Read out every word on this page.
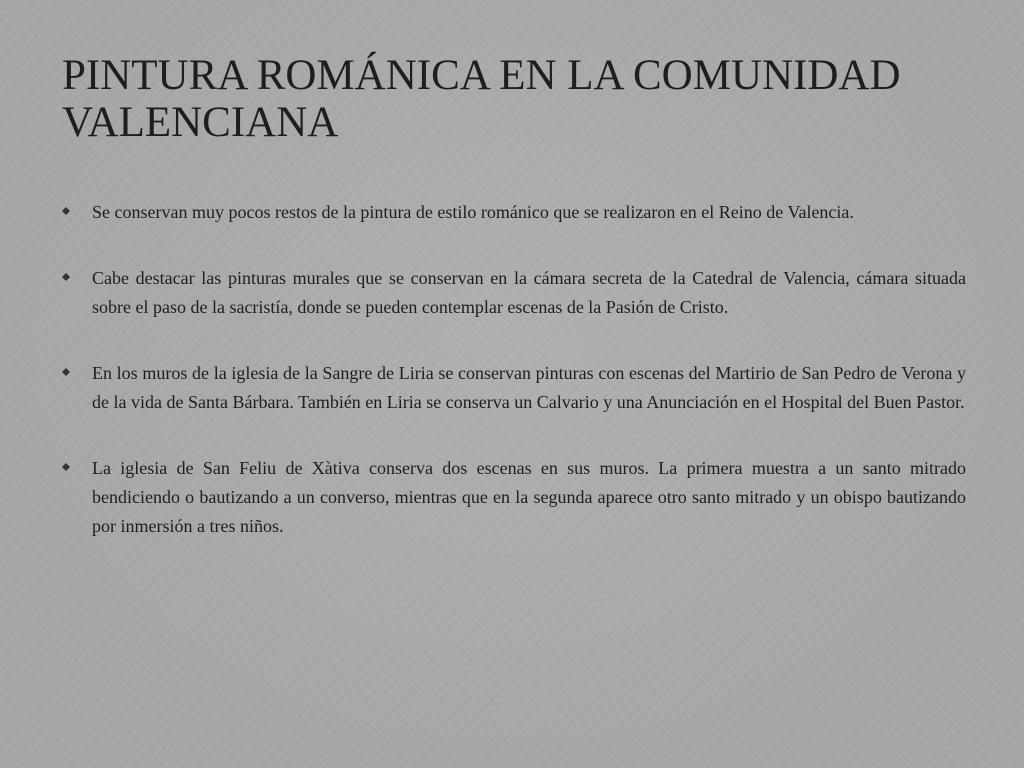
PINTURA ROMÁNICA EN LA COMUNIDAD
VALENCIANA
Se conservan muy pocos restos de la pintura de estilo románico que se realizaron en el Reino de Valencia.
Cabe destacar las pinturas murales que se conservan en la cámara secreta de la Catedral de Valencia, cámara situada sobre el paso de la sacristía, donde se pueden contemplar escenas de la Pasión de Cristo.
En los muros de la iglesia de la Sangre de Liria se conservan pinturas con escenas del Martirio de San Pedro de Verona y de la vida de Santa Bárbara. También en Liria se conserva un Calvario y una Anunciación en el Hospital del Buen Pastor.
La iglesia de San Feliu de Xàtiva conserva dos escenas en sus muros. La primera muestra a un santo mitrado bendiciendo o bautizando a un converso, mientras que en la segunda aparece otro santo mitrado y un obispo bautizando por inmersión a tres niños.
